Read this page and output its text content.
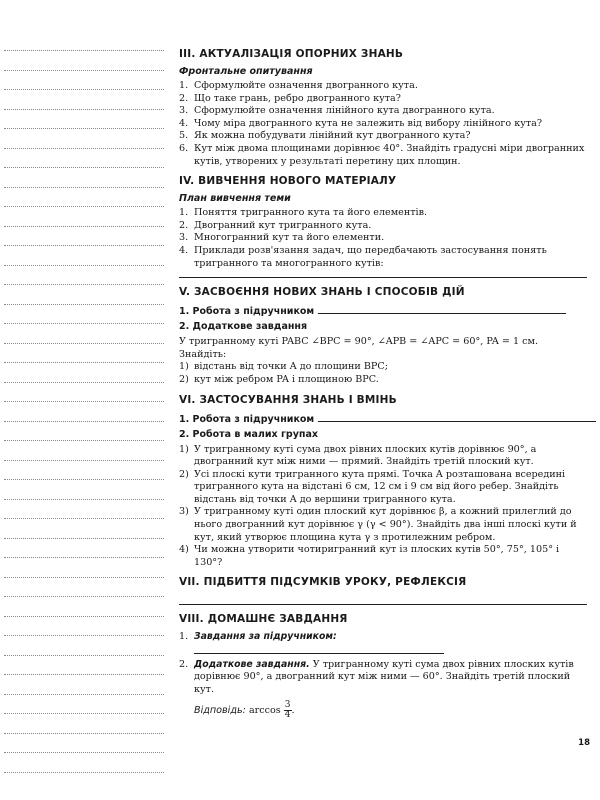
ІІІ. АКТУАЛІЗАЦІЯ ОПОРНИХ ЗНАНЬ
Фронтальне опитування
1. Сформулюйте означення двогранного кута.
2. Що таке грань, ребро двогранного кута?
3. Сформулюйте означення лінійного кута двогранного кута.
4. Чому міра двогранного кута не залежить від вибору лінійного кута?
5. Як можна побудувати лінійний кут двогранного кута?
6. Кут між двома площинами дорівнює 40°. Знайдіть градусні міри двогранних кутів, утворених у результаті перетину цих площин.
IV. ВИВЧЕННЯ НОВОГО МАТЕРІАЛУ
План вивчення теми
1. Поняття тригранного кута та його елементів.
2. Двогранний кут тригранного кута.
3. Многогранний кут та його елементи.
4. Приклади розв'язання задач, що передбачають застосування понять тригранного та многогранного кутів:
V. ЗАСВОЄННЯ НОВИХ ЗНАНЬ І СПОСОБІВ ДІЙ
1. Робота з підручником
2. Додаткове завдання

У тригранному куті PABC ∠BPC = 90°, ∠APB = ∠APC = 60°, PA = 1 см. Знайдіть:

1) відстань від точки A до площини BPC;
2) кут між ребром PA і площиною BPC.
VI. ЗАСТОСУВАННЯ ЗНАНЬ І ВМІНЬ
1. Робота з підручником
2. Робота в малих групах
1) У тригранному куті сума двох рівних плоских кутів дорівнює 90°, а двогранний кут між ними — прямий. Знайдіть третій плоский кут.
2) Усі плоскі кути тригранного кута прямі. Точка A розташована всередині тригранного кута на відстані 6 см, 12 см і 9 см від його ребер. Знайдіть відстань від точки A до вершини тригранного кута.
3) У тригранному куті один плоский кут дорівнює β, а кожний прилеглий до нього двогранний кут дорівнює γ (γ < 90°). Знайдіть два інші плоскі кути й кут, який утворює площина кута γ з протилежним ребром.
4) Чи можна утворити чотиригранний кут із плоских кутів 50°, 75°, 105° і 130°?
VII. ПІДБИТТЯ ПІДСУМКІВ УРОКУ, РЕФЛЕКСІЯ
VIII. ДОМАШНЄ ЗАВДАННЯ
1. Завдання за підручником:
2. Додаткове завдання. У тригранному куті сума двох рівних плоских кутів дорівнює 90°, а двогранний кут між ними — 60°. Знайдіть третій плоский кут.
Відповідь: $\arccos \frac{3}{4}$ .
18
